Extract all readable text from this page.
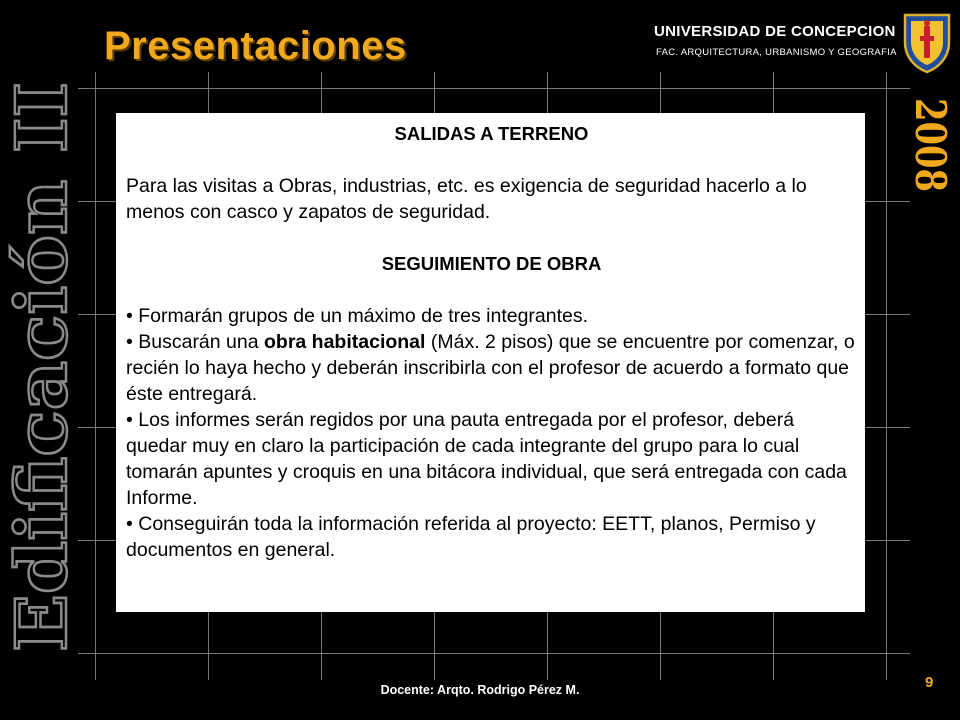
Edificación II
Presentaciones	UNIVERSIDAD DE CONCEPCION
FAC. ARQUITECTURA, URBANISMO Y GEOGRAFIA
2008

SALIDAS A TERRENO

Para las visitas a Obras, industrias, etc. es exigencia de seguridad hacerlo a lo menos con casco y zapatos de seguridad.

SEGUIMIENTO DE OBRA

• Formarán grupos de un máximo de tres integrantes.

• Buscarán una obra habitacional (Máx. 2 pisos) que se encuentre por comenzar, o recién lo haya hecho y deberán inscribirla con el profesor de acuerdo a formato que éste entregará.

• Los informes serán regidos por una pauta entregada por el profesor, deberá quedar muy en claro la participación de cada integrante del grupo para lo cual tomarán apuntes y croquis en una bitácora individual, que será entregada con cada Informe.

• Conseguirán toda la información referida al proyecto: EETT, planos, Permiso y documentos en general.

Docente: Arqto. Rodrigo Pérez M.	9
